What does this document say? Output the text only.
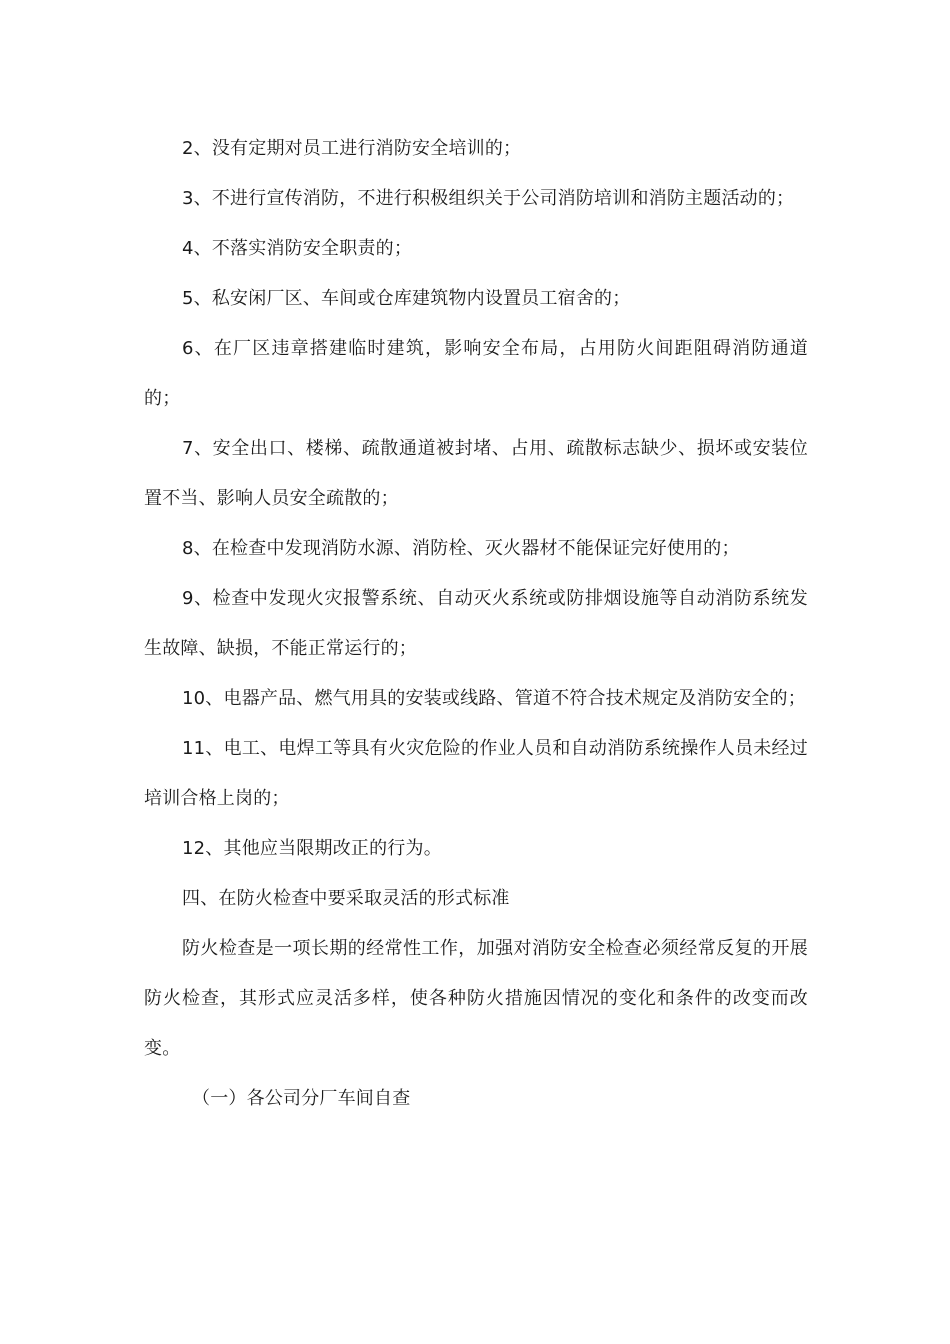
2、没有定期对员工进行消防安全培训的；

3、不进行宣传消防，不进行积极组织关于公司消防培训和消防主题活动的；

4、不落实消防安全职责的；

5、私安闲厂区、车间或仓库建筑物内设置员工宿舍的；

6、在厂区违章搭建临时建筑，影响安全布局，占用防火间距阻碍消防通道的；

7、安全出口、楼梯、疏散通道被封堵、占用、疏散标志缺少、损坏或安装位置不当、影响人员安全疏散的；

8、在检查中发现消防水源、消防栓、灭火器材不能保证完好使用的；

9、检查中发现火灾报警系统、自动灭火系统或防排烟设施等自动消防系统发生故障、缺损，不能正常运行的；

10、电器产品、燃气用具的安装或线路、管道不符合技术规定及消防安全的；

11、电工、电焊工等具有火灾危险的作业人员和自动消防系统操作人员未经过培训合格上岗的；

12、其他应当限期改正的行为。

四、在防火检查中要采取灵活的形式标准

防火检查是一项长期的经常性工作，加强对消防安全检查必须经常反复的开展防火检查，其形式应灵活多样，使各种防火措施因情况的变化和条件的改变而改变。

（一）各公司分厂车间自查
